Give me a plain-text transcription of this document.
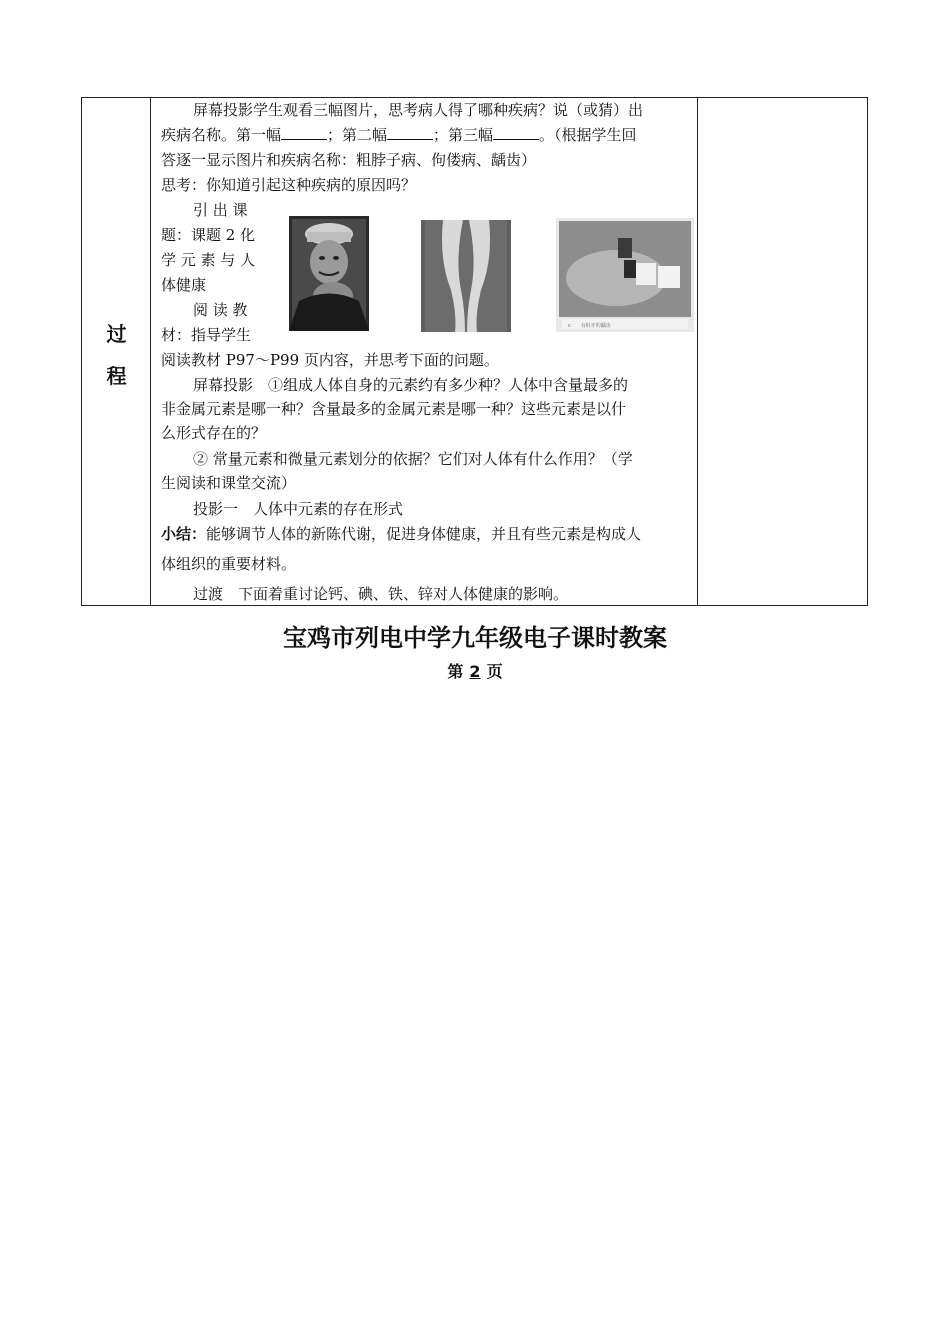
过
程
屏幕投影学生观看三幅图片，思考病人得了哪种疾病？说（或猜）出
疾病名称。第一幅	；第二幅	；第三幅	。（根据学生回
答逐一显示图片和疾病名称：粗脖子病、佝偻病、龋齿）
思考：你知道引起这种疾病的原因吗？
引 出 课
题：课题 2 化
学 元 素 与 人
体健康
阅 读 教
材：指导学生	c　　有蛀牙的龋齿
阅读教材 P97～P99 页内容，并思考下面的问题。
屏幕投影　①组成人体自身的元素约有多少种？人体中含量最多的
非金属元素是哪一种？含量最多的金属元素是哪一种？这些元素是以什
么形式存在的？
② 常量元素和微量元素划分的依据？它们对人体有什么作用？（学
生阅读和课堂交流）
投影一　人体中元素的存在形式
小结：能够调节人体的新陈代谢，促进身体健康，并且有些元素是构成人
体组织的重要材料。
过渡　下面着重讨论钙、碘、铁、锌对人体健康的影响。
宝鸡市列电中学九年级电子课时教案
第 2 页
